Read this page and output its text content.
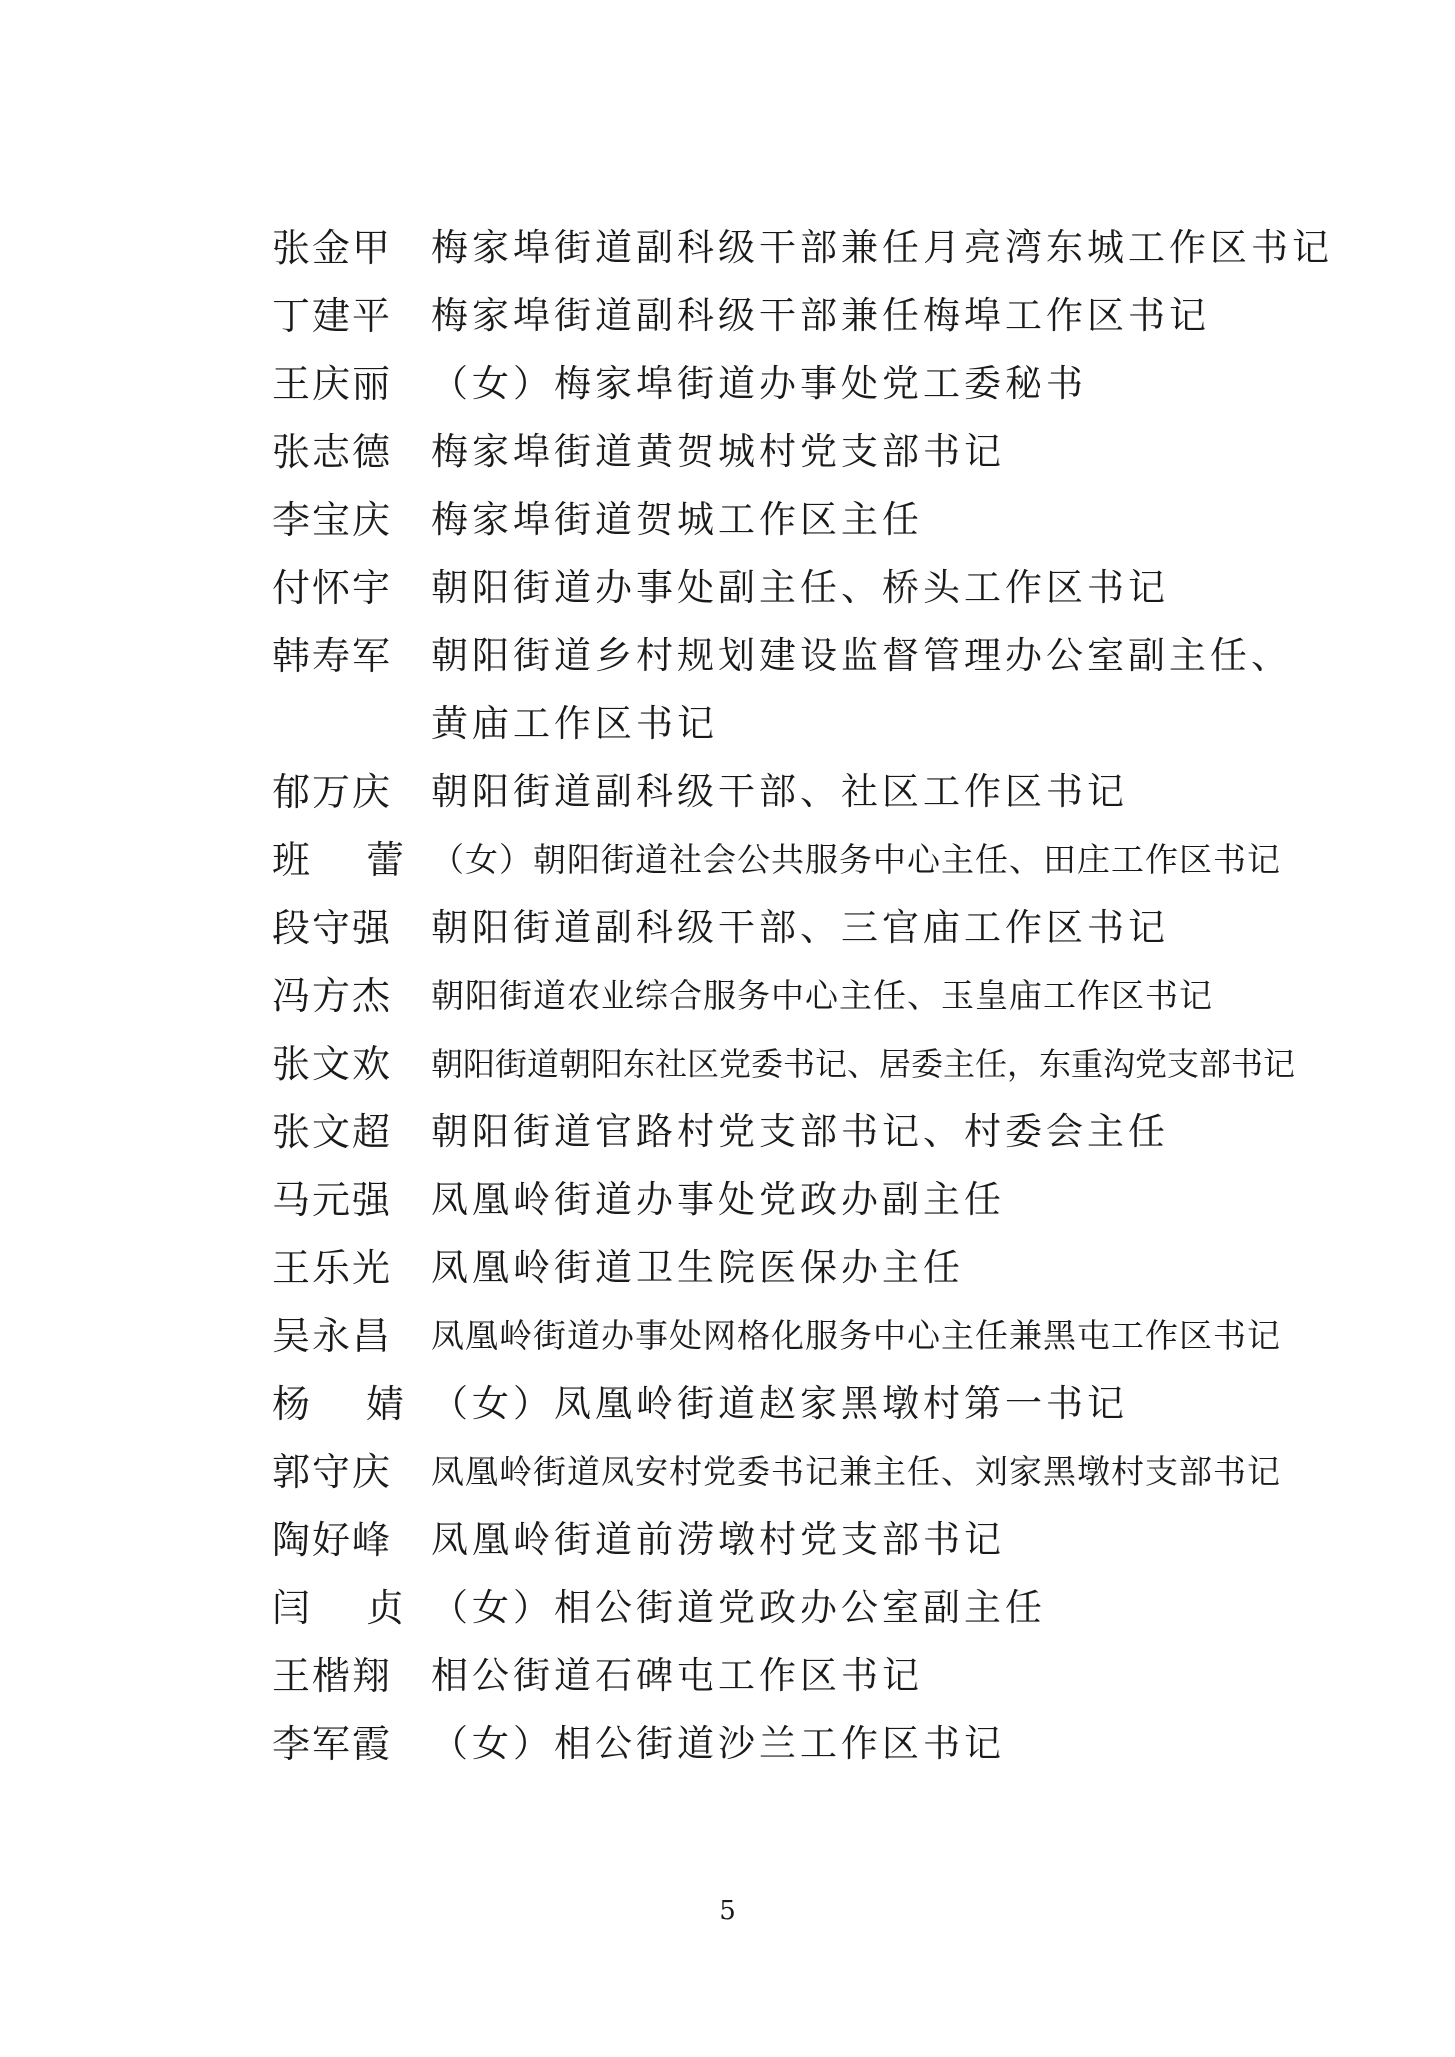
张金甲 梅家埠街道副科级干部兼任月亮湾东城工作区书记
丁建平 梅家埠街道副科级干部兼任梅埠工作区书记
王庆丽 （女）梅家埠街道办事处党工委秘书
张志德 梅家埠街道黄贺城村党支部书记
李宝庆 梅家埠街道贺城工作区主任
付怀宇 朝阳街道办事处副主任、桥头工作区书记
韩寿军 朝阳街道乡村规划建设监督管理办公室副主任、
黄庙工作区书记
郁万庆 朝阳街道副科级干部、社区工作区书记
班蕾
（女）朝阳街道社会公共服务中心主任、田庄工作区书记
段守强 朝阳街道副科级干部、三官庙工作区书记
冯方杰 朝阳街道农业综合服务中心主任、玉皇庙工作区书记
张文欢 朝阳街道朝阳东社区党委书记、居委主任，东重沟党支部书记
张文超 朝阳街道官路村党支部书记、村委会主任
马元强 凤凰岭街道办事处党政办副主任
王乐光 凤凰岭街道卫生院医保办主任
吴永昌 凤凰岭街道办事处网格化服务中心主任兼黑屯工作区书记
杨婧
（女）凤凰岭街道赵家黑墩村第一书记
郭守庆 凤凰岭街道凤安村党委书记兼主任、刘家黑墩村支部书记
陶好峰 凤凰岭街道前涝墩村党支部书记
闫贞
（女）相公街道党政办公室副主任
王楷翔 相公街道石碑屯工作区书记
李军霞 （女）相公街道沙兰工作区书记
5
